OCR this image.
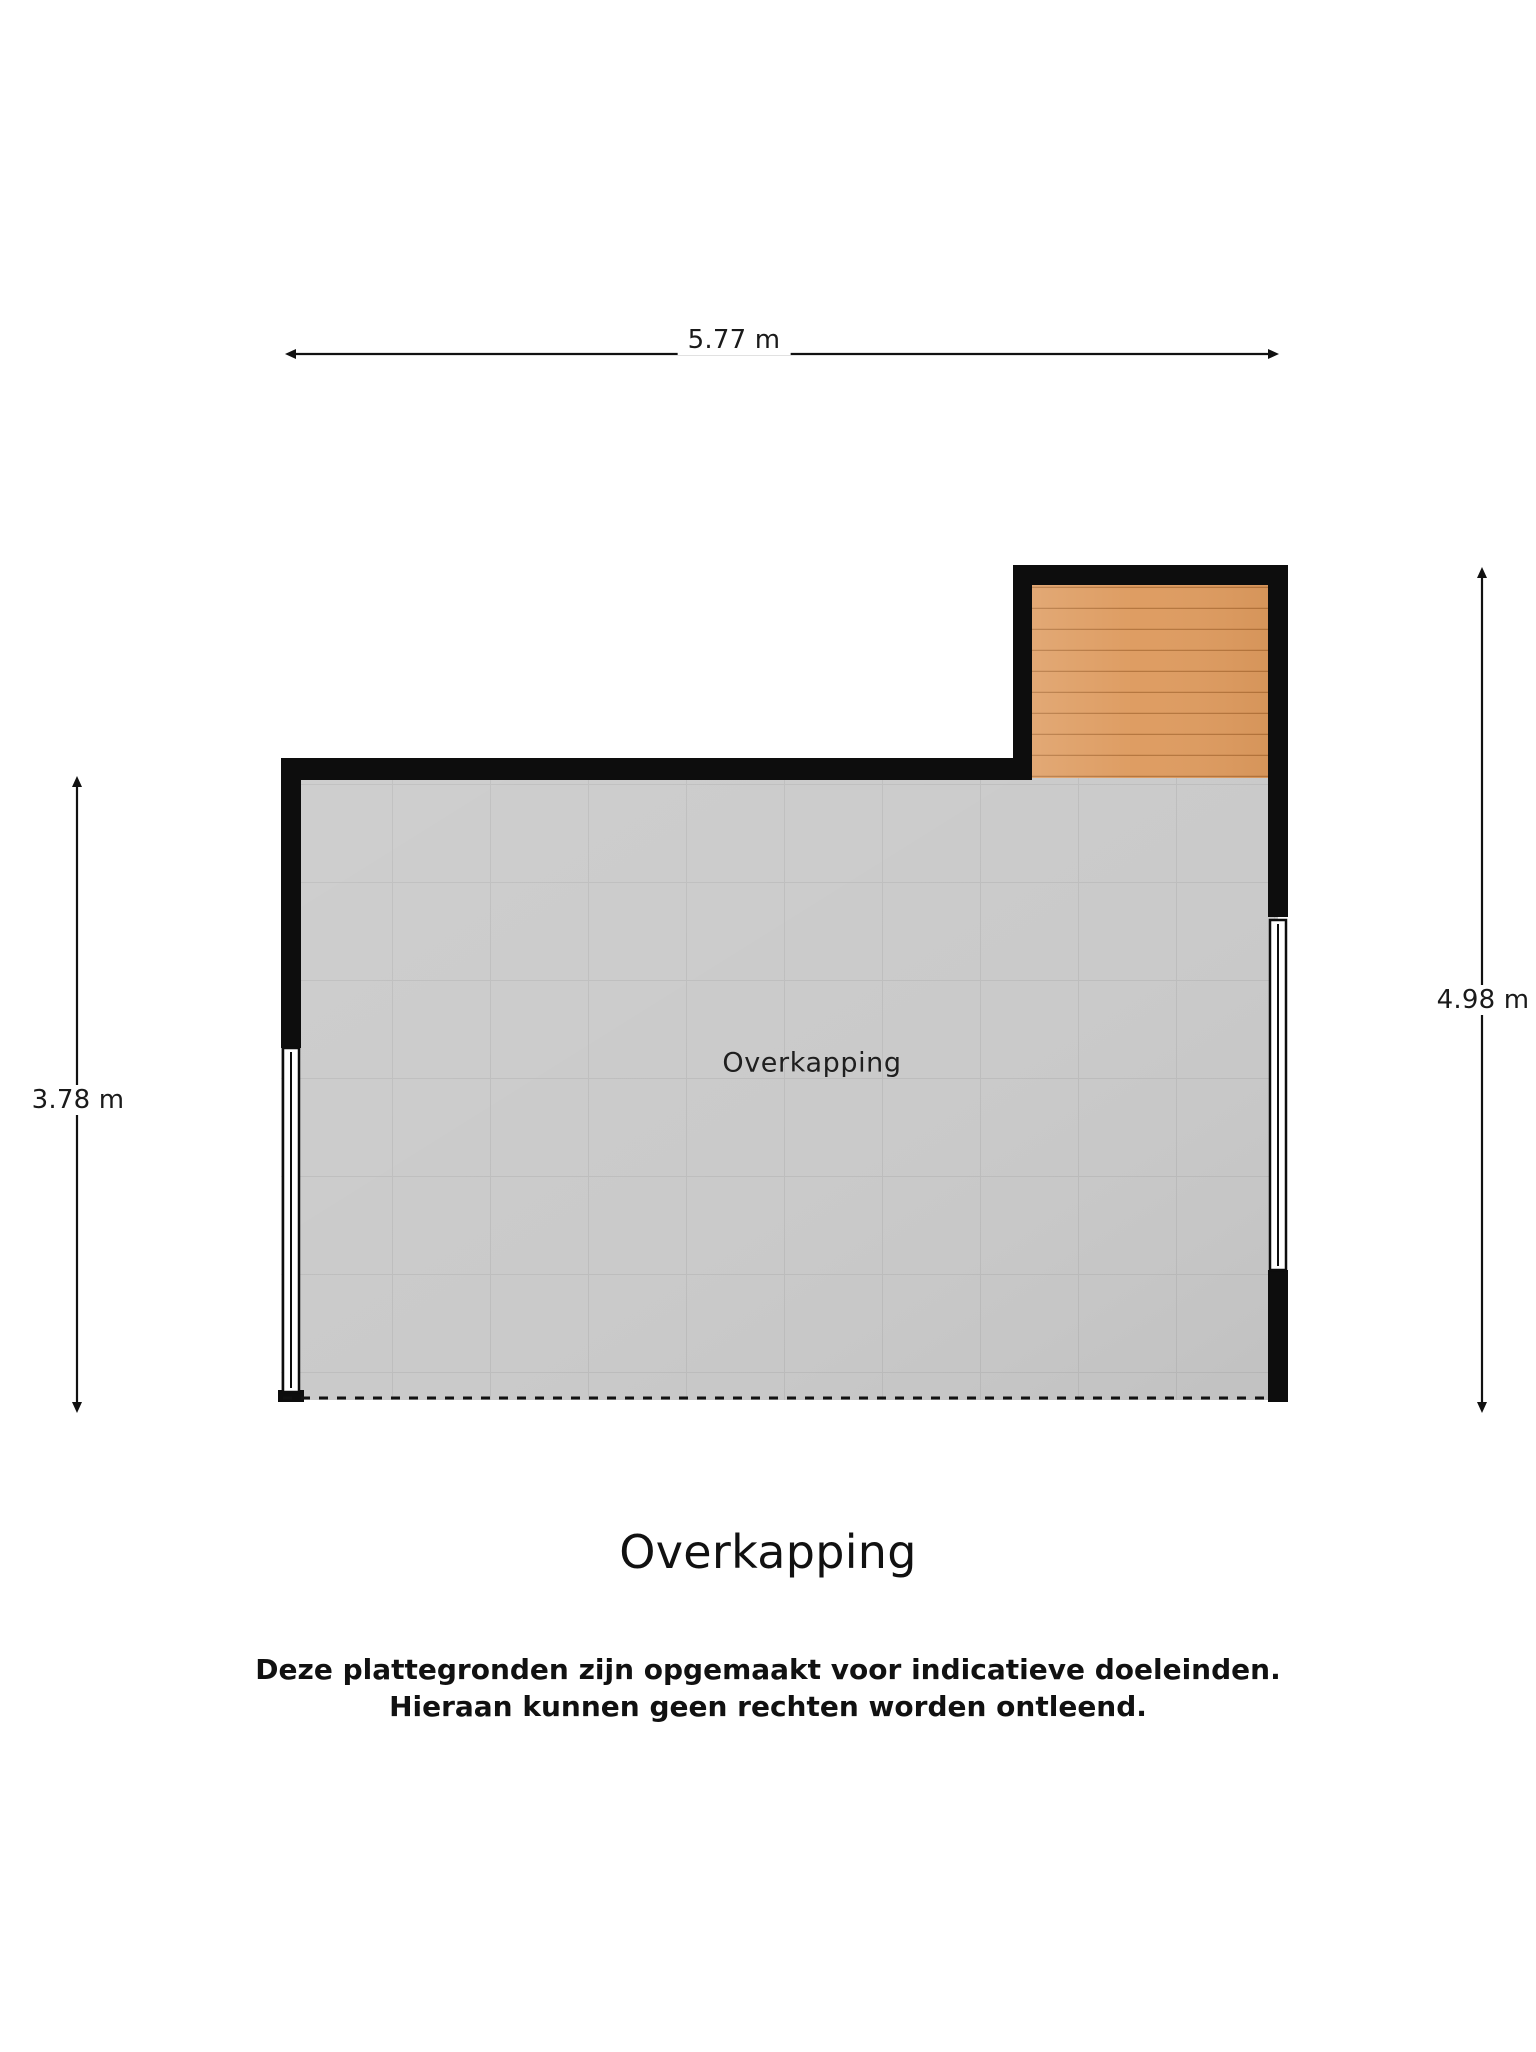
5.77 m
3.78 m
4.98 m
Overkapping
Overkapping
Deze plattegronden zijn opgemaakt voor indicatieve doeleinden.
Hieraan kunnen geen rechten worden ontleend.
